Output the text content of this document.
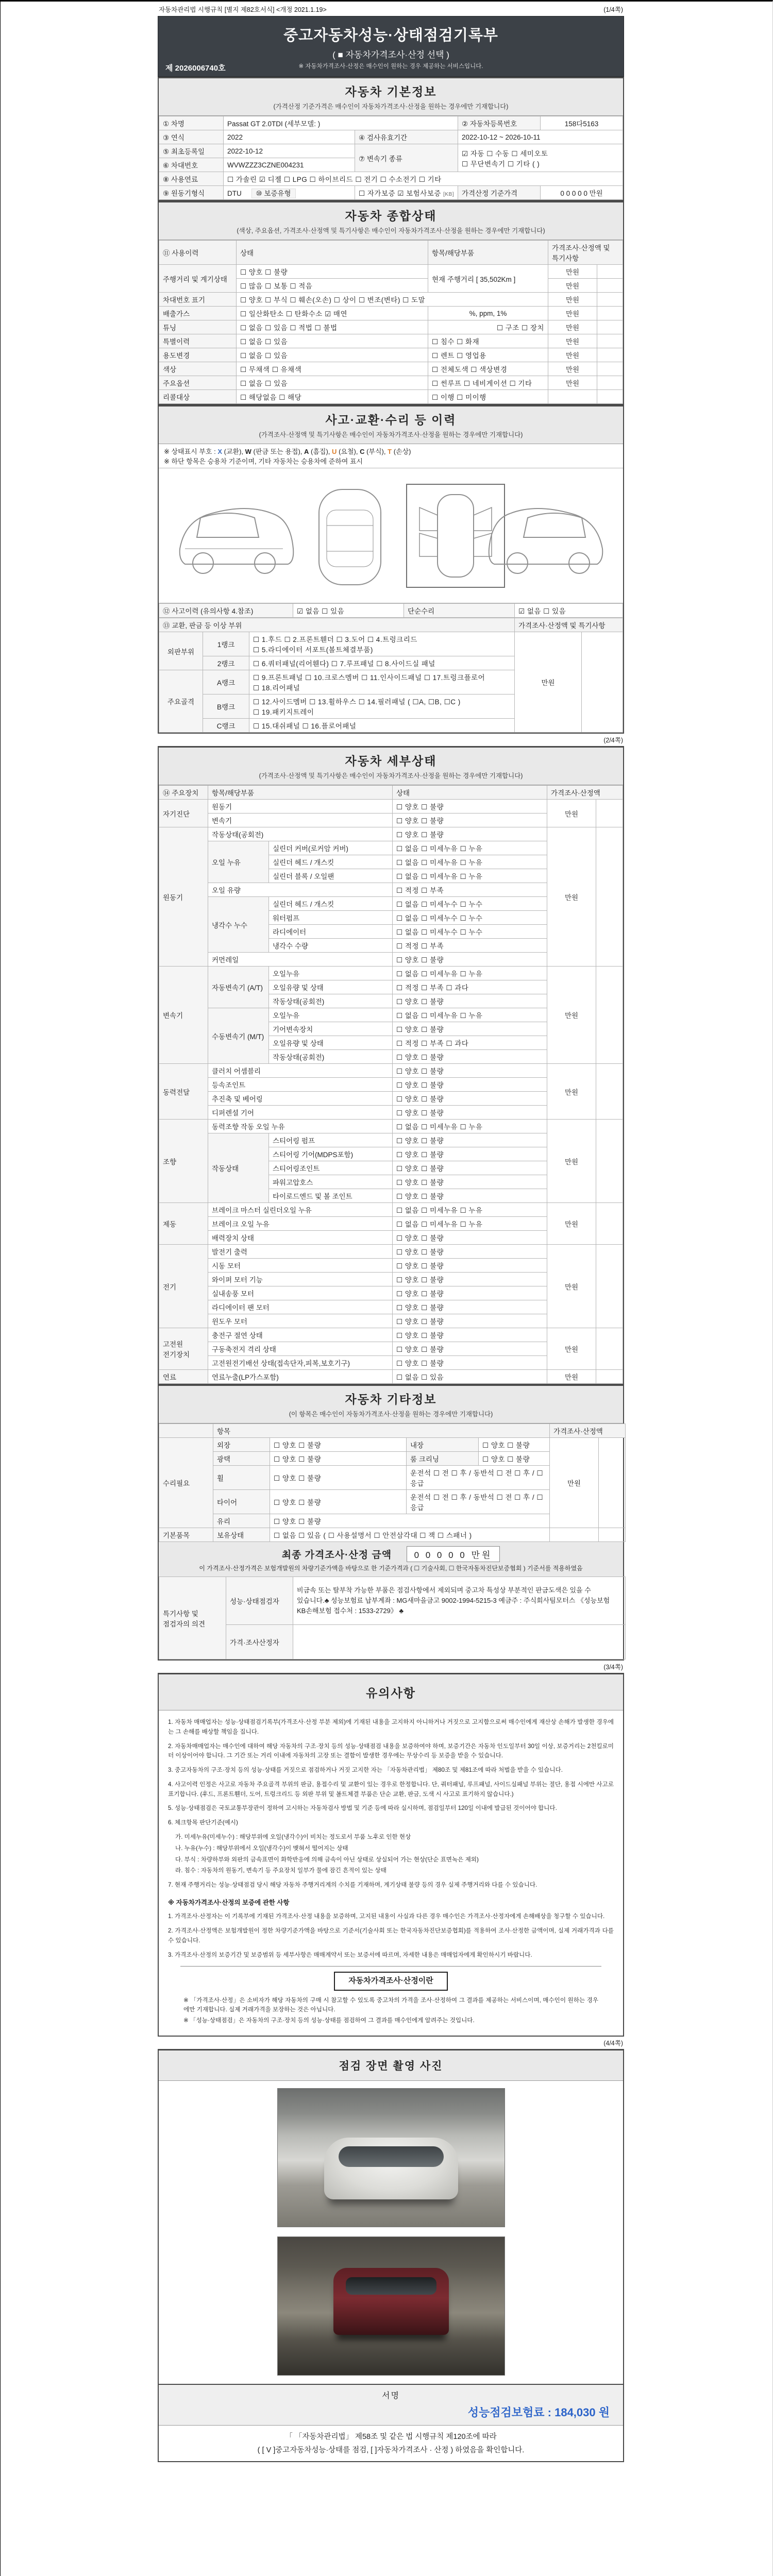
자동차관리법 시행규칙 [별지 제82호서식] <개정 2021.1.19>	(1/4쪽)
중고자동차성능·상태점검기록부
( ■ 자동차가격조사·산정 선택 )
※ 자동차가격조사·산정은 매수인이 원하는 경우 제공하는 서비스입니다.
제 2026006740호
자동차 기본정보
(가격산정 기준가격은 매수인이 자동차가격조사·산정을 원하는 경우에만 기재합니다)
① 차명	Passat GT 2.0TDI (세부모델: )		② 자동차등록번호	158다5163
③ 연식	2022	④ 검사유효기간	2022-10-12 ~ 2026-10-11	
⑤ 최초등록일	2022-10-12	⑦ 변속기 종류	☑ 자동 ☐ 수동 ☐ 세미오토
☐ 무단변속기 ☐ 기타 ( )	

⑥ 차대번호	WVWZZZ3CZNE004231			
⑧ 사용연료	☐ 가솔린 ☑ 디젤 ☐ LPG ☐ 하이브리드 ☐ 전기 ☐ 수소전기 ☐ 기타			
⑨ 원동기형식	DTU ⑩ 보증유형	☐ 자가보증 ☑ 보험사보증 [KB]	가격산정 기준가격	0 0 0 0 0 만원
자동차 종합상태
(색상, 주요옵션, 가격조사·산정액 및 특기사항은 매수인이 자동차가격조사·산정을 원하는 경우에만 기재합니다)
⑪ 사용이력	상태	항목/해당부품	가격조사·산정액 및 특기사항	
주행거리 및 계기상태	☐ 양호 ☐ 불량	현재 주행거리 [ 35,502Km ]	만원	
	☐ 많음 ☐ 보통 ☐ 적음		만원	
차대번호 표기	☐ 양호 ☐ 부식 ☐ 훼손(오손) ☐ 상이 ☐ 변조(변타) ☐ 도말		만원	
배출가스	☐ 일산화탄소 ☐ 탄화수소 ☑ 매연	%, ppm, 1%	만원	
튜닝	☐ 없음 ☐ 있음 ☐ 적법 ☐ 불법	☐ 구조 ☐ 장치	만원	
특별이력	☐ 없음 ☐ 있음	☐ 침수 ☐ 화재	만원	
용도변경	☐ 없음 ☐ 있음	☐ 렌트 ☐ 영업용	만원	
색상	☐ 무채색 ☐ 유채색	☐ 전체도색 ☐ 색상변경	만원	
주요옵션	☐ 없음 ☐ 있음	☐ 썬루프 ☐ 네비게이션 ☐ 기타	만원	
리콜대상	☐ 해당없음 ☐ 해당	☐ 이행 ☐ 미이행		
사고·교환·수리 등 이력
(가격조사·산정액 및 특기사항은 매수인이 자동차가격조사·산정을 원하는 경우에만 기재합니다)
※ 상태표시 부호 : X (교환), W (판금 또는 용접), A (흠집), U (요철), C (부식), T (손상)
※ 하단 항목은 승용차 기준이며, 기타 자동차는 승용차에 준하여 표시
⑫ 사고이력 (유의사항 4.참조)	☑ 없음 ☐ 있음	단순수리	☑ 없음 ☐ 있음
⑬ 교환, 판금 등 이상 부위			가격조사·산정액 및 특기사항	
외판부위	1랭크	☐ 1.후드 ☐ 2.프론트휀더 ☐ 3.도어 ☐ 4.트렁크리드
☐ 5.라디에이터 서포트(볼트체결부품)	만원	
	2랭크	☐ 6.쿼터패널(리어휀다) ☐ 7.루프패널 ☐ 8.사이드실 패널		
주요골격	A랭크	☐ 9.프론트패널 ☐ 10.크로스멤버 ☐ 11.인사이드패널 ☐ 17.트렁크플로어
☐ 18.리어패널		

	B랭크	☐ 12.사이드멤버 ☐ 13.휠하우스 ☐ 14.필러패널 ( ☐A, ☐B, ☐C )
☐ 19.패키지트레이		

	C랭크	☐ 15.대쉬패널 ☐ 16.플로어패널		
(2/4쪽)
자동차 세부상태
(가격조사·산정액 및 특기사항은 매수인이 자동차가격조사·산정을 원하는 경우에만 기재합니다)
⑭ 주요장치	항목/해당부품		상태	가격조사·산정액	
자기진단	원동기		☐ 양호 ☐ 불량	만원	
	변속기		☐ 양호 ☐ 불량		
원동기	작동상태(공회전)		☐ 양호 ☐ 불량	만원	
	오일 누유	실린더 커버(로커암 커버)	☐ 없음 ☐ 미세누유 ☐ 누유		
		실린더 헤드 / 개스킷	☐ 없음 ☐ 미세누유 ☐ 누유		
		실린더 블록 / 오일팬	☐ 없음 ☐ 미세누유 ☐ 누유		
	오일 유량		☐ 적정 ☐ 부족		
	냉각수 누수	실린더 헤드 / 개스킷	☐ 없음 ☐ 미세누수 ☐ 누수		
		워터펌프	☐ 없음 ☐ 미세누수 ☐ 누수		
		라디에이터	☐ 없음 ☐ 미세누수 ☐ 누수		
		냉각수 수량	☐ 적정 ☐ 부족		
	커먼레일		☐ 양호 ☐ 불량		
변속기	자동변속기 (A/T)	오일누유	☐ 없음 ☐ 미세누유 ☐ 누유	만원	
		오일유량 및 상태	☐ 적정 ☐ 부족 ☐ 과다		
		작동상태(공회전)	☐ 양호 ☐ 불량		
	수동변속기 (M/T)	오일누유	☐ 없음 ☐ 미세누유 ☐ 누유		
		기어변속장치	☐ 양호 ☐ 불량		
		오일유량 및 상태	☐ 적정 ☐ 부족 ☐ 과다		
		작동상태(공회전)	☐ 양호 ☐ 불량		
동력전달	클러치 어셈블리		☐ 양호 ☐ 불량	만원	
	등속조인트		☐ 양호 ☐ 불량		
	추진축 및 베어링		☐ 양호 ☐ 불량		
	디퍼렌셜 기어		☐ 양호 ☐ 불량		
조향	동력조향 작동 오일 누유		☐ 없음 ☐ 미세누유 ☐ 누유	만원	
	작동상태	스티어링 펌프	☐ 양호 ☐ 불량		
		스티어링 기어(MDPS포함)	☐ 양호 ☐ 불량		
		스티어링조인트	☐ 양호 ☐ 불량		
		파워고압호스	☐ 양호 ☐ 불량		
		타이로드엔드 및 볼 조인트	☐ 양호 ☐ 불량		
제동	브레이크 마스터 실린더오일 누유		☐ 없음 ☐ 미세누유 ☐ 누유	만원	
	브레이크 오일 누유		☐ 없음 ☐ 미세누유 ☐ 누유		
	배력장치 상태		☐ 양호 ☐ 불량		
전기	발전기 출력		☐ 양호 ☐ 불량	만원	
	시동 모터		☐ 양호 ☐ 불량		
	와이퍼 모터 기능		☐ 양호 ☐ 불량		
	실내송풍 모터		☐ 양호 ☐ 불량		
	라디에이터 팬 모터		☐ 양호 ☐ 불량		
	윈도우 모터		☐ 양호 ☐ 불량		
고전원 전기장치	충전구 절연 상태		☐ 양호 ☐ 불량	만원	
	구동축전지 격리 상태		☐ 양호 ☐ 불량		
	고전원전기배선 상태(접속단자,피복,보호기구)		☐ 양호 ☐ 불량		
연료	연료누출(LP가스포함)		☐ 없음 ☐ 있음	만원	
자동차 기타정보
(이 항목은 매수인이 자동차가격조사·산정을 원하는 경우에만 기재합니다)
	항목				가격조사·산정액	
수리필요	외장	☐ 양호 ☐ 불량	내장	☐ 양호 ☐ 불량	만원	
	광택	☐ 양호 ☐ 불량	룸 크리닝	☐ 양호 ☐ 불량		
	휠	☐ 양호 ☐ 불량	운전석 ☐ 전 ☐ 후 / 동반석 ☐ 전 ☐ 후 / ☐ 응급			
	타이어	☐ 양호 ☐ 불량	운전석 ☐ 전 ☐ 후 / 동반석 ☐ 전 ☐ 후 / ☐ 응급			
	유리	☐ 양호 ☐ 불량				
기본품목	보유상태	☐ 없음 ☐ 있음 ( ☐ 사용설명서 ☐ 안전삼각대 ☐ 잭 ☐ 스패너 )				
최종 가격조사·산정 금액	0 0 0 0 0 만원
이 가격조사·산정가격은 보험개발원의 차량기준가액을 바탕으로 한 기준가격과 ( ☐ 기술사회, ☐ 한국자동차진단보증협회 ) 기준서를 적용하였음
특기사항 및 점검자의 의견	성능·상태점검자	비금속 또는 탈부착 가능한 부품은 점검사항에서 제외되며 중고차 특성상 부분적인 판금도색은 있을 수 있습니다.♣ 성능보험료 납부계좌 : MG새마을금고 9002-1994-5215-3 예금주 : 주식회사팀모터스 《성능보험 KB손해보험 접수처 : 1533-2729》 ♣
	가격·조사산정자	
(3/4쪽)
유의사항

1. 자동차 매매업자는 성능·상태점검기록부(가격조사·산정 부분 제외)에 기재된 내용을 고지하지 아니하거나 거짓으로 고지함으로써 매수인에게 재산상 손해가 발생한 경우에는 그 손해를 배상할 책임을 집니다.

2. 자동차매매업자는 매수인에 대하여 해당 자동차의 구조·장치 등의 성능·상태점검 내용을 보증하여야 하며, 보증기간은 자동차 인도일부터 30일 이상, 보증거리는 2천킬로미터 이상이어야 합니다. 그 기간 또는 거리 이내에 자동차의 고장 또는 결함이 발생한 경우에는 무상수리 등 보증을 받을 수 있습니다.

3. 중고자동차의 구조·장치 등의 성능·상태를 거짓으로 점검하거나 거짓 고지한 자는 「자동차관리법」 제80조 및 제81조에 따라 처벌을 받을 수 있습니다.

4. 사고이력 인정은 사고로 자동차 주요골격 부위의 판금, 용접수리 및 교환이 있는 경우로 한정합니다. 단, 쿼터패널, 루프패널, 사이드실패널 부위는 절단, 용접 시에만 사고로 표기합니다. (후드, 프론트휀더, 도어, 트렁크리드 등 외판 부위 및 볼트체결 부품은 단순 교환, 판금, 도색 시 사고로 표기하지 않습니다.)

5. 성능·상태점검은 국토교통부장관이 정하여 고시하는 자동차검사 방법 및 기준 등에 따라 실시하며, 점검일부터 120일 이내에 발급된 것이어야 합니다.

6. 체크항목 판단기준(예시)

가. 미세누유(미세누수) : 해당부위에 오일(냉각수)이 비치는 정도로서 부품 노후로 인한 현상

나. 누유(누수) : 해당부위에서 오일(냉각수)이 맺혀서 떨어지는 상태

다. 부식 : 차량하부와 외판의 금속표면이 화학반응에 의해 금속이 아닌 상태로 상실되어 가는 현상(단순 표면녹은 제외)

라. 침수 : 자동차의 원동기, 변속기 등 주요장치 일부가 물에 잠긴 흔적이 있는 상태

7. 현재 주행거리는 성능·상태점검 당시 해당 자동차 주행거리계의 수치를 기재하며, 계기상태 불량 등의 경우 실제 주행거리와 다를 수 있습니다.

※ 자동차가격조사·산정의 보증에 관한 사항

1. 가격조사·산정자는 이 기록부에 기재된 가격조사·산정 내용을 보증하며, 고지된 내용이 사실과 다른 경우 매수인은 가격조사·산정자에게 손해배상을 청구할 수 있습니다.

2. 가격조사·산정액은 보험개발원이 정한 차량기준가액을 바탕으로 기준서(기술사회 또는 한국자동차진단보증협회)를 적용하여 조사·산정한 금액이며, 실제 거래가격과 다를 수 있습니다.

3. 가격조사·산정의 보증기간 및 보증범위 등 세부사항은 매매계약서 또는 보증서에 따르며, 자세한 내용은 매매업자에게 확인하시기 바랍니다.

자동차가격조사·산정이란
※ 「가격조사·산정」은 소비자가 해당 자동차의 구매 시 참고할 수 있도록 중고차의 가격을 조사·산정하여 그 결과를 제공하는 서비스이며, 매수인이 원하는 경우에만 기재합니다. 실제 거래가격을 보장하는 것은 아닙니다.
※ 「성능·상태점검」은 자동차의 구조·장치 등의 성능·상태를 점검하여 그 결과를 매수인에게 알려주는 것입니다.
(4/4쪽)
점검 장면 촬영 사진
서명
성능점검보험료 : 184,030 원
「 「자동차관리법」 제58조 및 같은 법 시행규칙 제120조에 따라
( [ V ]중고자동차성능·상태를 점검, [ ]자동차가격조사 · 산정 ) 하였음을 확인합니다.
